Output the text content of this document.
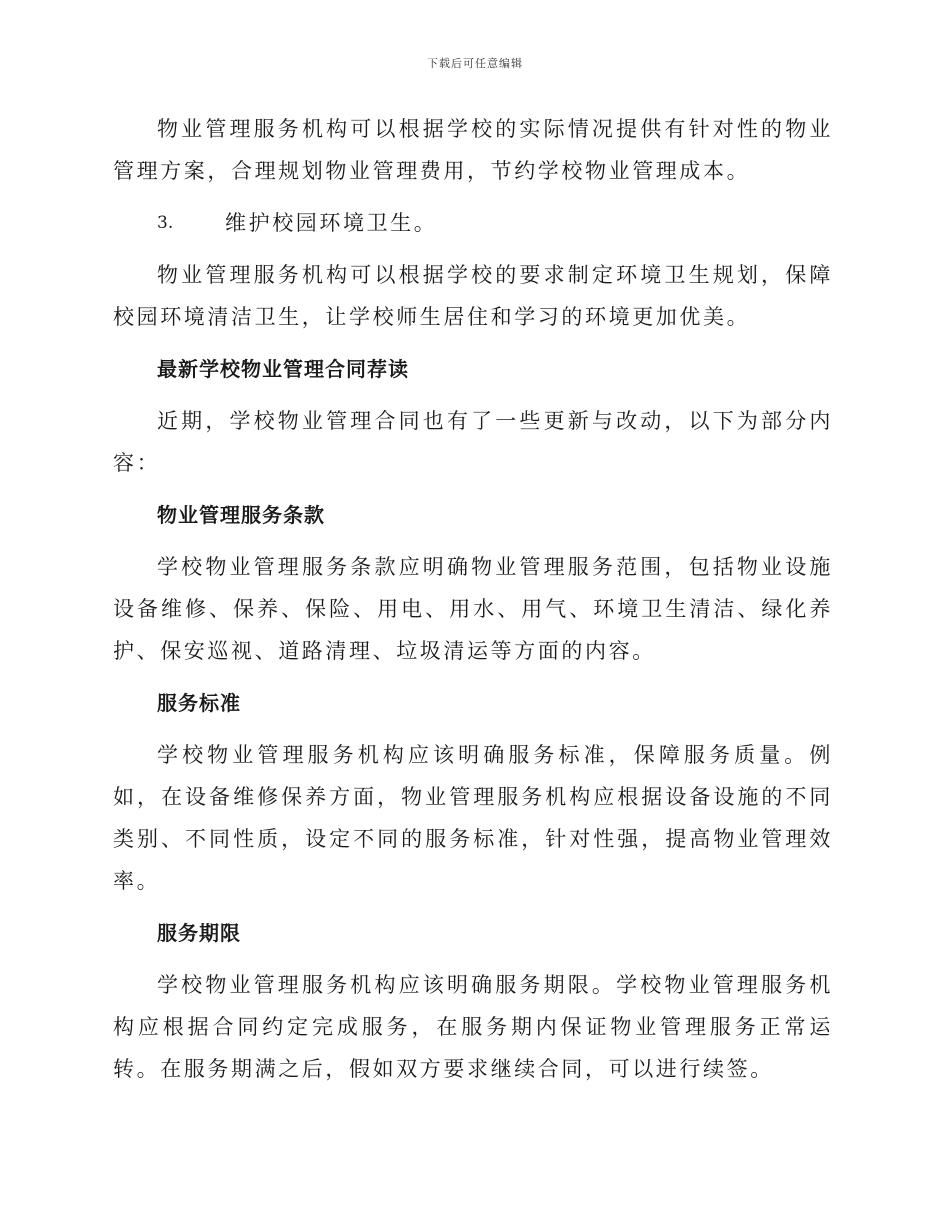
下载后可任意编辑

物业管理服务机构可以根据学校的实际情况提供有针对性的物业管理方案，合理规划物业管理费用，节约学校物业管理成本。

3.	维护校园环境卫生。

物业管理服务机构可以根据学校的要求制定环境卫生规划，保障校园环境清洁卫生，让学校师生居住和学习的环境更加优美。

最新学校物业管理合同荐读

近期，学校物业管理合同也有了一些更新与改动，以下为部分内容：

物业管理服务条款

学校物业管理服务条款应明确物业管理服务范围，包括物业设施设备维修、保养、保险、用电、用水、用气、环境卫生清洁、绿化养护、保安巡视、道路清理、垃圾清运等方面的内容。

服务标准

学校物业管理服务机构应该明确服务标准，保障服务质量。例如，在设备维修保养方面，物业管理服务机构应根据设备设施的不同类别、不同性质，设定不同的服务标准，针对性强，提高物业管理效率。

服务期限

学校物业管理服务机构应该明确服务期限。学校物业管理服务机构应根据合同约定完成服务，在服务期内保证物业管理服务正常运转。在服务期满之后，假如双方要求继续合同，可以进行续签。
